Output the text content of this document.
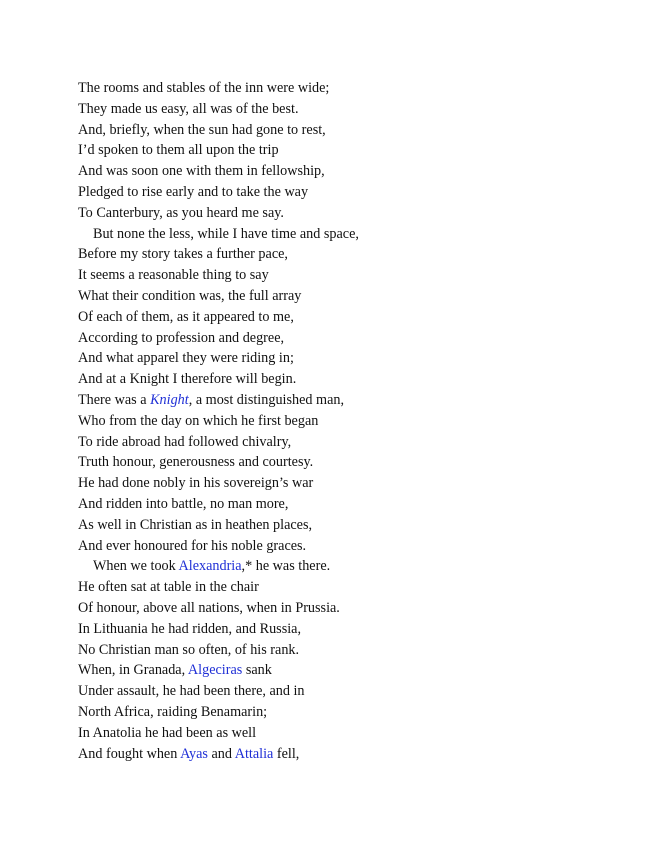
The rooms and stables of the inn were wide;
They made us easy, all was of the best.
And, briefly, when the sun had gone to rest,
I’d spoken to them all upon the trip
And was soon one with them in fellowship,
Pledged to rise early and to take the way
To Canterbury, as you heard me say.
But none the less, while I have time and space,
Before my story takes a further pace,
It seems a reasonable thing to say
What their condition was, the full array
Of each of them, as it appeared to me,
According to profession and degree,
And what apparel they were riding in;
And at a Knight I therefore will begin.
There was a Knight, a most distinguished man,
Who from the day on which he first began
To ride abroad had followed chivalry,
Truth honour, generousness and courtesy.
He had done nobly in his sovereign’s war
And ridden into battle, no man more,
As well in Christian as in heathen places,
And ever honoured for his noble graces.
When we took Alexandria,* he was there.
He often sat at table in the chair
Of honour, above all nations, when in Prussia.
In Lithuania he had ridden, and Russia,
No Christian man so often, of his rank.
When, in Granada, Algeciras sank
Under assault, he had been there, and in
North Africa, raiding Benamarin;
In Anatolia he had been as well
And fought when Ayas and Attalia fell,
